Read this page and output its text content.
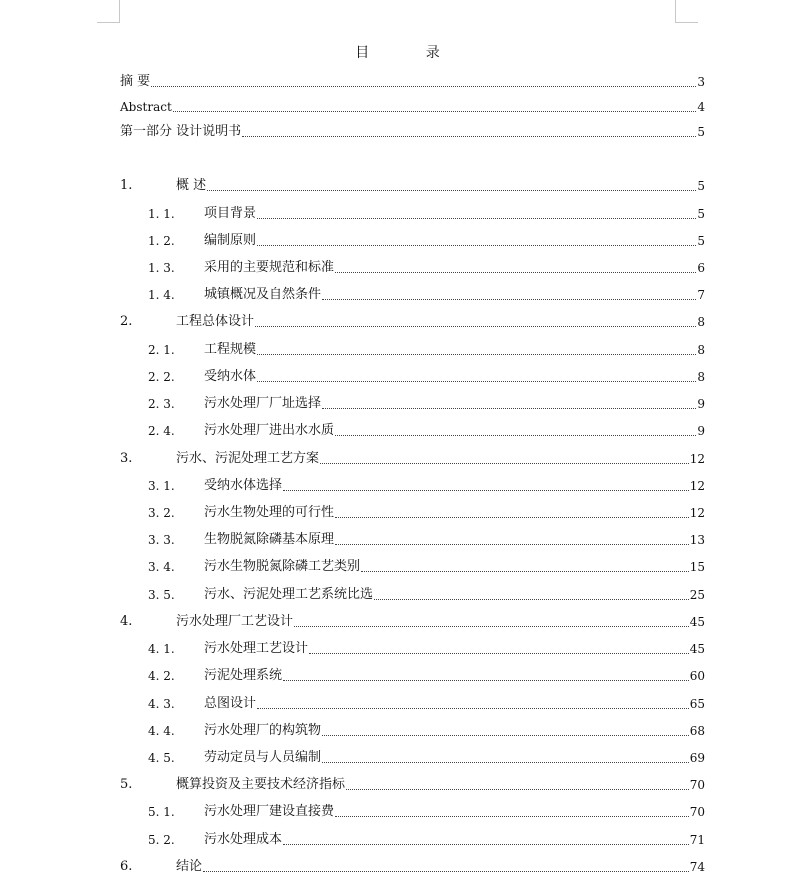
目 录
摘 要	3
Abstract	4
第一部分 设计说明书	5
1.	概 述	5
1. 1.	项目背景	5
1. 2.	编制原则	5
1. 3.	采用的主要规范和标准	6
1. 4.	城镇概况及自然条件	7
2.	工程总体设计	8
2. 1.	工程规模	8
2. 2.	受纳水体	8
2. 3.	污水处理厂厂址选择	9
2. 4.	污水处理厂进出水水质	9
3.	污水、污泥处理工艺方案	12
3. 1.	受纳水体选择	12
3. 2.	污水生物处理的可行性	12
3. 3.	生物脱氮除磷基本原理	13
3. 4.	污水生物脱氮除磷工艺类别	15
3. 5.	污水、污泥处理工艺系统比选	25
4.	污水处理厂工艺设计	45
4. 1.	污水处理工艺设计	45
4. 2.	污泥处理系统	60
4. 3.	总图设计	65
4. 4.	污水处理厂的构筑物	68
4. 5.	劳动定员与人员编制	69
5.	概算投资及主要技术经济指标	70
5. 1.	污水处理厂建设直接费	70
5. 2.	污水处理成本	71
6.	结论	74
